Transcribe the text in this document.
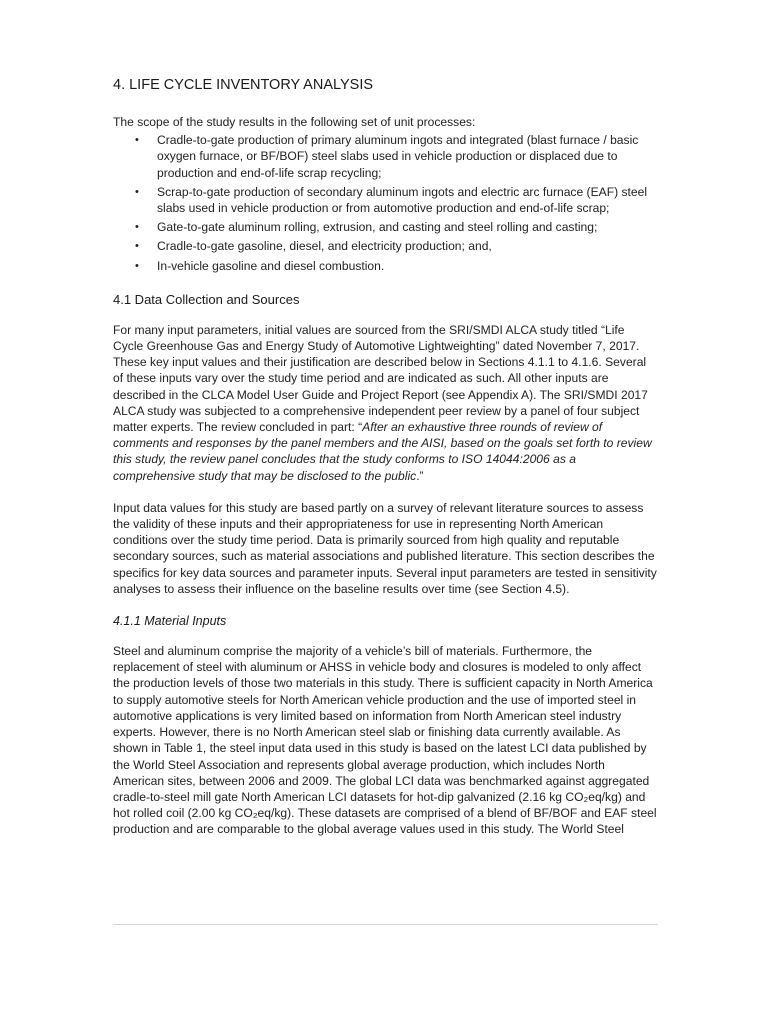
4. LIFE CYCLE INVENTORY ANALYSIS

The scope of the study results in the following set of unit processes:

• Cradle-to-gate production of primary aluminum ingots and integrated (blast furnace / basic oxygen furnace, or BF/BOF) steel slabs used in vehicle production or displaced due to production and end-of-life scrap recycling;
• Scrap-to-gate production of secondary aluminum ingots and electric arc furnace (EAF) steel slabs used in vehicle production or from automotive production and end-of-life scrap;
• Gate-to-gate aluminum rolling, extrusion, and casting and steel rolling and casting;
• Cradle-to-gate gasoline, diesel, and electricity production; and,
• In-vehicle gasoline and diesel combustion.
4.1 Data Collection and Sources

For many input parameters, initial values are sourced from the SRI/SMDI ALCA study titled “Life Cycle Greenhouse Gas and Energy Study of Automotive Lightweighting” dated November 7, 2017. These key input values and their justification are described below in Sections 4.1.1 to 4.1.6. Several of these inputs vary over the study time period and are indicated as such. All other inputs are described in the CLCA Model User Guide and Project Report (see Appendix A). The SRI/SMDI 2017 ALCA study was subjected to a comprehensive independent peer review by a panel of four subject matter experts. The review concluded in part: “After an exhaustive three rounds of review of comments and responses by the panel members and the AISI, based on the goals set forth to review this study, the review panel concludes that the study conforms to ISO 14044:2006 as a comprehensive study that may be disclosed to the public.”

Input data values for this study are based partly on a survey of relevant literature sources to assess the validity of these inputs and their appropriateness for use in representing North American conditions over the study time period. Data is primarily sourced from high quality and reputable secondary sources, such as material associations and published literature. This section describes the specifics for key data sources and parameter inputs. Several input parameters are tested in sensitivity analyses to assess their influence on the baseline results over time (see Section 4.5).

4.1.1 Material Inputs

Steel and aluminum comprise the majority of a vehicle’s bill of materials. Furthermore, the replacement of steel with aluminum or AHSS in vehicle body and closures is modeled to only affect the production levels of those two materials in this study. There is sufficient capacity in North America to supply automotive steels for North American vehicle production and the use of imported steel in automotive applications is very limited based on information from North American steel industry experts. However, there is no North American steel slab or finishing data currently available. As shown in Table 1, the steel input data used in this study is based on the latest LCI data published by the World Steel Association and represents global average production, which includes North American sites, between 2006 and 2009. The global LCI data was benchmarked against aggregated cradle-to-steel mill gate North American LCI datasets for hot-dip galvanized (2.16 kg CO₂eq/kg) and hot rolled coil (2.00 kg CO₂eq/kg). These datasets are comprised of a blend of BF/BOF and EAF steel production and are comparable to the global average values used in this study. The World Steel
